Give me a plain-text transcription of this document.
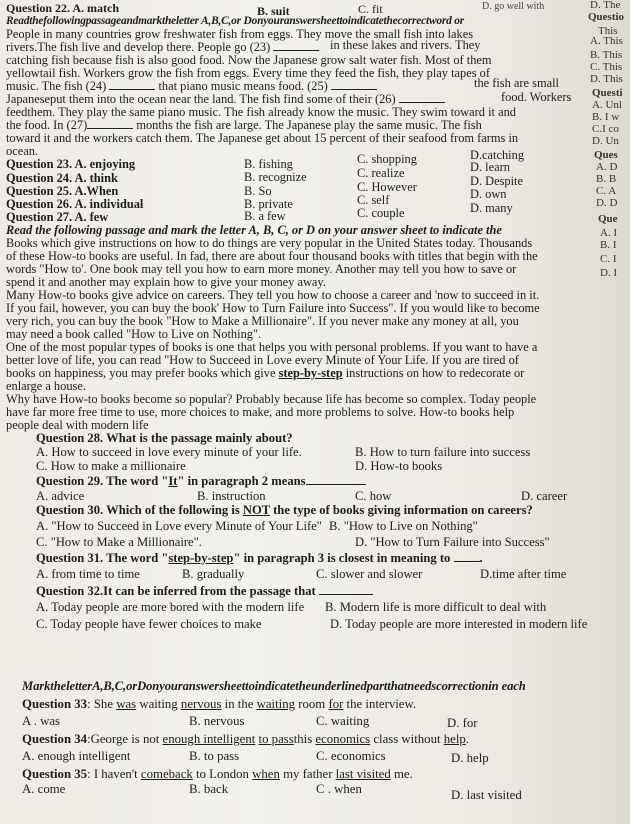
Question 22. A. match	B. suit	C. fit	D. go well with
Readthefollowingpassageandmarktheletter A,B,C,or Donyouranswersheettoindicatethecorrectword or
People in many countries grow freshwater fish from eggs. They move the small fish into lakes
rivers.The fish live and develop there. People go (23)	in these lakes and rivers. They
catching fish because fish is also good food. Now the Japanese grow salt water fish. Most of them
yellowtail fish. Workers grow the fish from eggs. Every time they feed the fish, they play tapes of
music. The fish (24)	that piano music means food. (25)	the fish are small
Japaneseput them into the ocean near the land. The fish find some of their (26)	food. Workers
feedthem. They play the same piano music. The fish already know the music. They swim toward it and
the food. In (27)	months the fish are large. The Japanese play the same music. The fish
toward it and the workers catch them. The Japanese get about 15 percent of their seafood from farms in
ocean.
Question 23. A. enjoying	B. fishing	C. shopping	D.catching
Question 24. A. think	B. recognize	C. realize	D. learn
Question 25. A.When	B. So	C. However	D. Despite
Question 26. A. individual	B. private	C. self	D. own
Question 27. A. few	B. a few	C. couple	D. many
Read the following passage and mark the letter A, B, C, or D on your answer sheet to indicate the
Books which give instructions on how to do things are very popular in the United States today. Thousands
of these How-to books are useful. In fad, there are about four thousand books with titles that begin with the
words "How to'. One book may tell you how to earn more money. Another may tell you how to save or
spend it and another may explain how to give your money away.
Many How-to books give advice on careers. They tell you how to choose a career and 'now to succeed in it.
If you fail, however, you can buy the book' How to Turn Failure into Success". If you would like to become
very rich, you can buy the book "How to Make a Millionaire". If you never make any money at all, you
may need a book called "How to Live on Nothing".
One of the most popular types of books is one that helps you with personal problems. If you want to have a
better love of life, you can read "How to Succeed in Love every Minute of Your Life. If you are tired of
books on happiness, you may prefer books which give step-by-step instructions on how to redecorate or
enlarge a house.
Why have How-to books become so popular? Probably because life has become so complex. Today people
have far more free time to use, more choices to make, and more problems to solve. How-to books help
people deal with modern life
Question 28. What is the passage mainly about?
A. How to succeed in love every minute of your life.	B. How to turn failure into success
C. How to make a millionaire	D. How-to books
Question 29. The word "It" in paragraph 2 means
A. advice	B. instruction	C. how	D. career
Question 30. Which of the following is NOT the type of books giving information on careers?
A. "How to Succeed in Love every Minute of Your Life" B. "How to Live on Nothing"
C. "How to Make a Millionaire".	D. "How to Turn Failure into Success"
Question 31. The word "step-by-step" in paragraph 3 is closest in meaning to .
A. from time to time	B. gradually	C. slower and slower	D.time after time
Question 32.It can be inferred from the passage that
A. Today people are more bored with the modern life B. Modern life is more difficult to deal with
C. Today people have fewer choices to make	D. Today people are more interested in modern life
MarktheletterA,B,C,orDonyouranswersheettoindicatetheunderlinedpartthatneedscorrectionin each
Question 33: She was waiting nervous in the waiting room for the interview.
A . was	B. nervous	C. waiting	D. for
Question 34:George is not enough intelligent to passthis economics class without help.
A. enough intelligent	B. to pass	C. economics	D. help
Question 35: I haven't comeback to London when my father last visited me.
A. come	B. back	C . when	D. last visited
D. The
Questio
This
A. This
B. This
C. This
D. This
Questi
A. Unl
B. I w
C.I co
D. Un
Ques
A. D
B. B
C. A
D. D
Que
A. I
B. I
C. I
D. I
